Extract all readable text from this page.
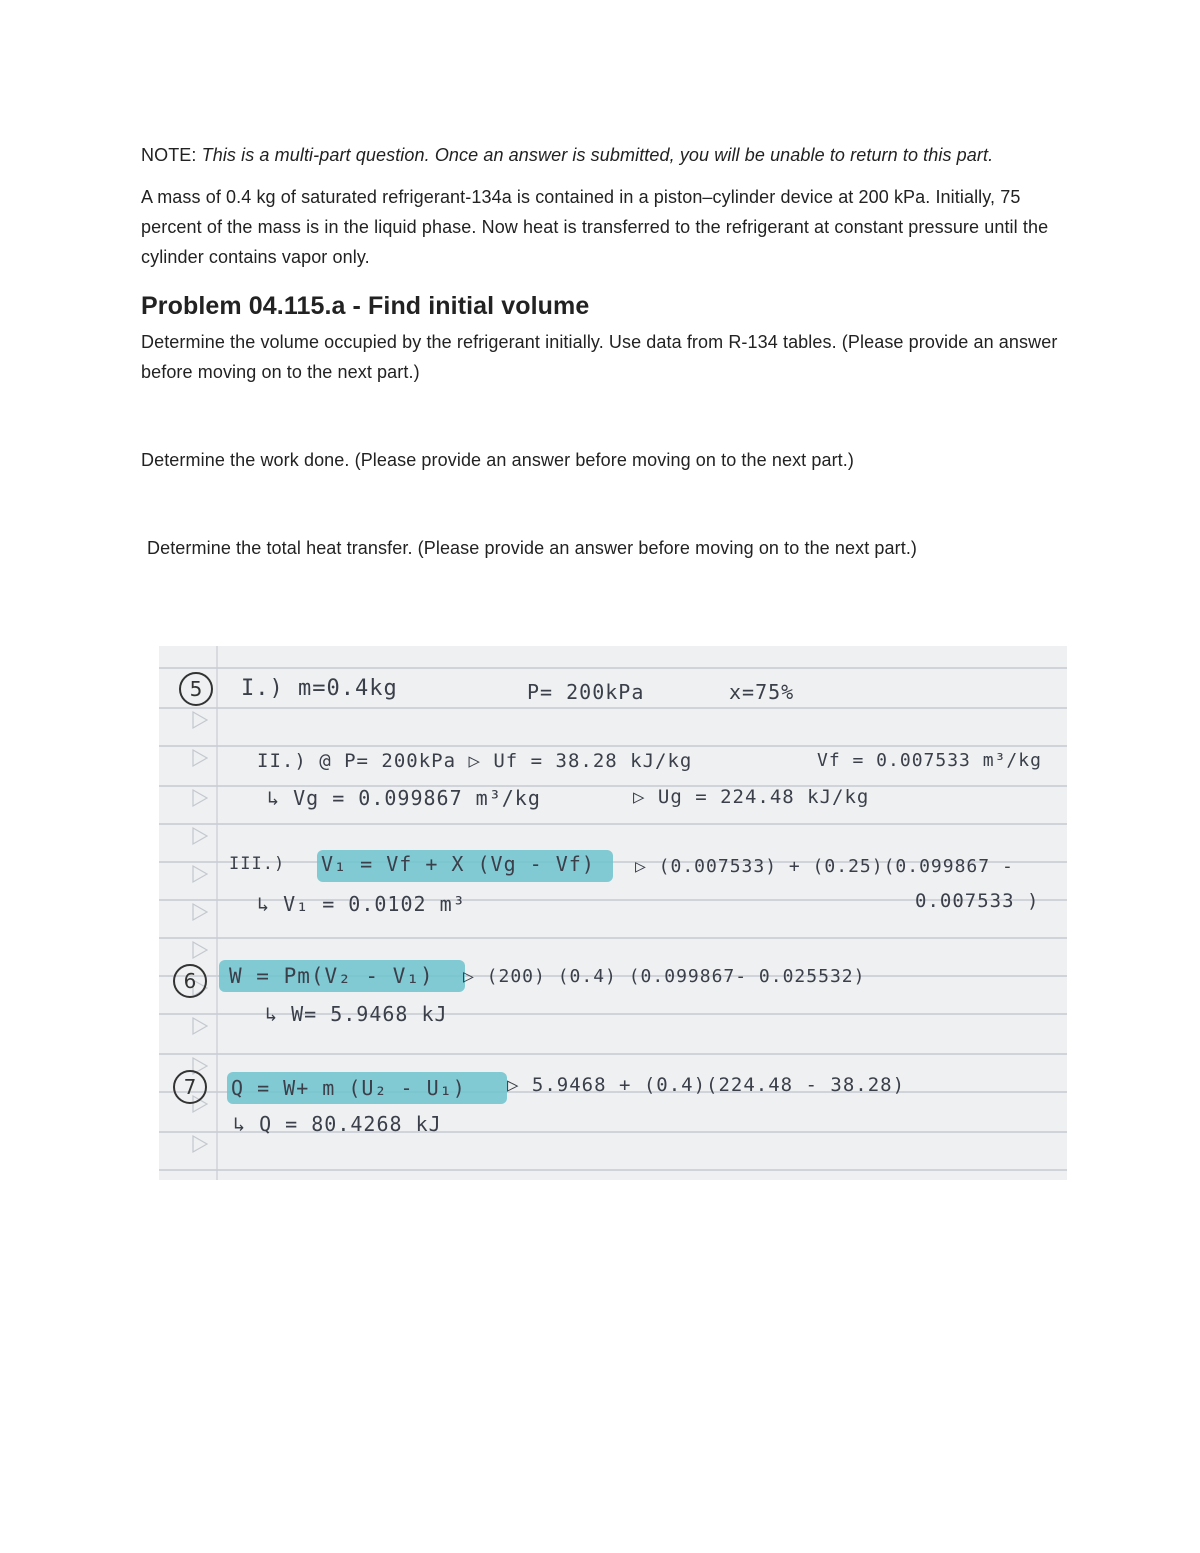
NOTE: This is a multi-part question. Once an answer is submitted, you will be unable to return to this part.

A mass of 0.4 kg of saturated refrigerant-134a is contained in a piston–cylinder device at 200 kPa. Initially, 75 percent of the mass is in the liquid phase. Now heat is transferred to the refrigerant at constant pressure until the cylinder contains vapor only.

Problem 04.115.a - Find initial volume

Determine the volume occupied by the refrigerant initially. Use data from R-134 tables. (Please provide an answer before moving on to the next part.)

Determine the work done. (Please provide an answer before moving on to the next part.)

Determine the total heat transfer. (Please provide an answer before moving on to the next part.)

5
6
7
I.) m=0.4kg	P= 200kPa	x=75%
II.) @ P= 200kPa ▷ Uf = 38.28 kJ/kg	Vf = 0.007533 m³/kg
↳ Vg = 0.099867 m³/kg	▷ Ug = 224.48 kJ/kg
III.) V₁ = Vf + X (Vg - Vf) ▷ (0.007533) + (0.25)(0.099867 -
↳ V₁ = 0.0102 m³	0.007533 )
W = Pm(V₂ - V₁) ▷ (200) (0.4) (0.099867- 0.025532)
↳ W= 5.9468 kJ
Q = W+ m (U₂ - U₁) ▷ 5.9468 + (0.4)(224.48 - 38.28)
↳ Q = 80.4268 kJ
